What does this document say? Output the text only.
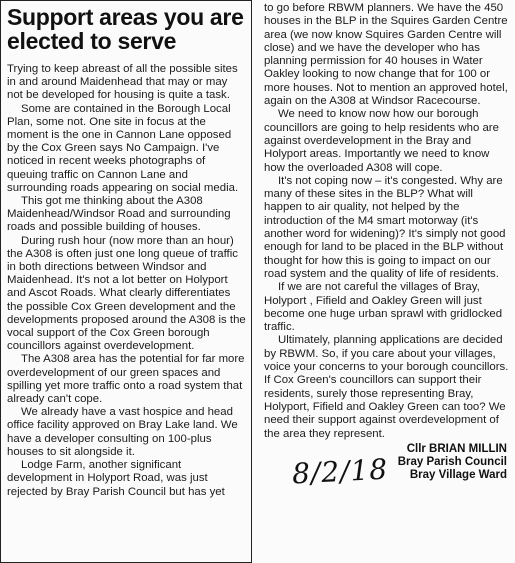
Support areas you are elected to serve

Trying to keep abreast of all the possible sites in and around Maidenhead that may or may not be developed for housing is quite a task.

Some are contained in the Borough Local Plan, some not. One site in focus at the moment is the one in Cannon Lane opposed by the Cox Green says No Campaign. I've noticed in recent weeks photographs of queuing traffic on Cannon Lane and surrounding roads appearing on social media.

This got me thinking about the A308 Maidenhead/Windsor Road and surrounding roads and possible building of houses.

During rush hour (now more than an hour) the A308 is often just one long queue of traffic in both directions between Windsor and Maidenhead. It's not a lot better on Holyport and Ascot Roads. What clearly differentiates the possible Cox Green development and the developments proposed around the A308 is the vocal support of the Cox Green borough councillors against overdevelopment.

The A308 area has the potential for far more overdevelopment of our green spaces and spilling yet more traffic onto a road system that already can't cope.

We already have a vast hospice and head office facility approved on Bray Lake land. We have a developer consulting on 100-plus houses to sit alongside it.

Lodge Farm, another significant development in Holyport Road, was just rejected by Bray Parish Council but has yet

to go before RBWM planners. We have the 450 houses in the BLP in the Squires Garden Centre area (we now know Squires Garden Centre will close) and we have the developer who has planning permission for 40 houses in Water Oakley looking to now change that for 100 or more houses. Not to mention an approved hotel, again on the A308 at Windsor Racecourse.

We need to know now how our borough councillors are going to help residents who are against overdevelopment in the Bray and Holyport areas. Importantly we need to know how the overloaded A308 will cope.

It's not coping now – it's congested. Why are many of these sites in the BLP? What will happen to air quality, not helped by the introduction of the M4 smart motorway (it's another word for widening)? It's simply not good enough for land to be placed in the BLP without thought for how this is going to impact on our road system and the quality of life of residents.

If we are not careful the villages of Bray, Holyport , Fifield and Oakley Green will just become one huge urban sprawl with gridlocked traffic.

Ultimately, planning applications are decided by RBWM. So, if you care about your villages, voice your concerns to your borough councillors. If Cox Green's councillors can support their residents, surely those representing Bray, Holyport, Fifield and Oakley Green can too? We need their support against overdevelopment of the area they represent.

8/2/18
Cllr BRIAN MILLIN
Bray Parish Council
Bray Village Ward
